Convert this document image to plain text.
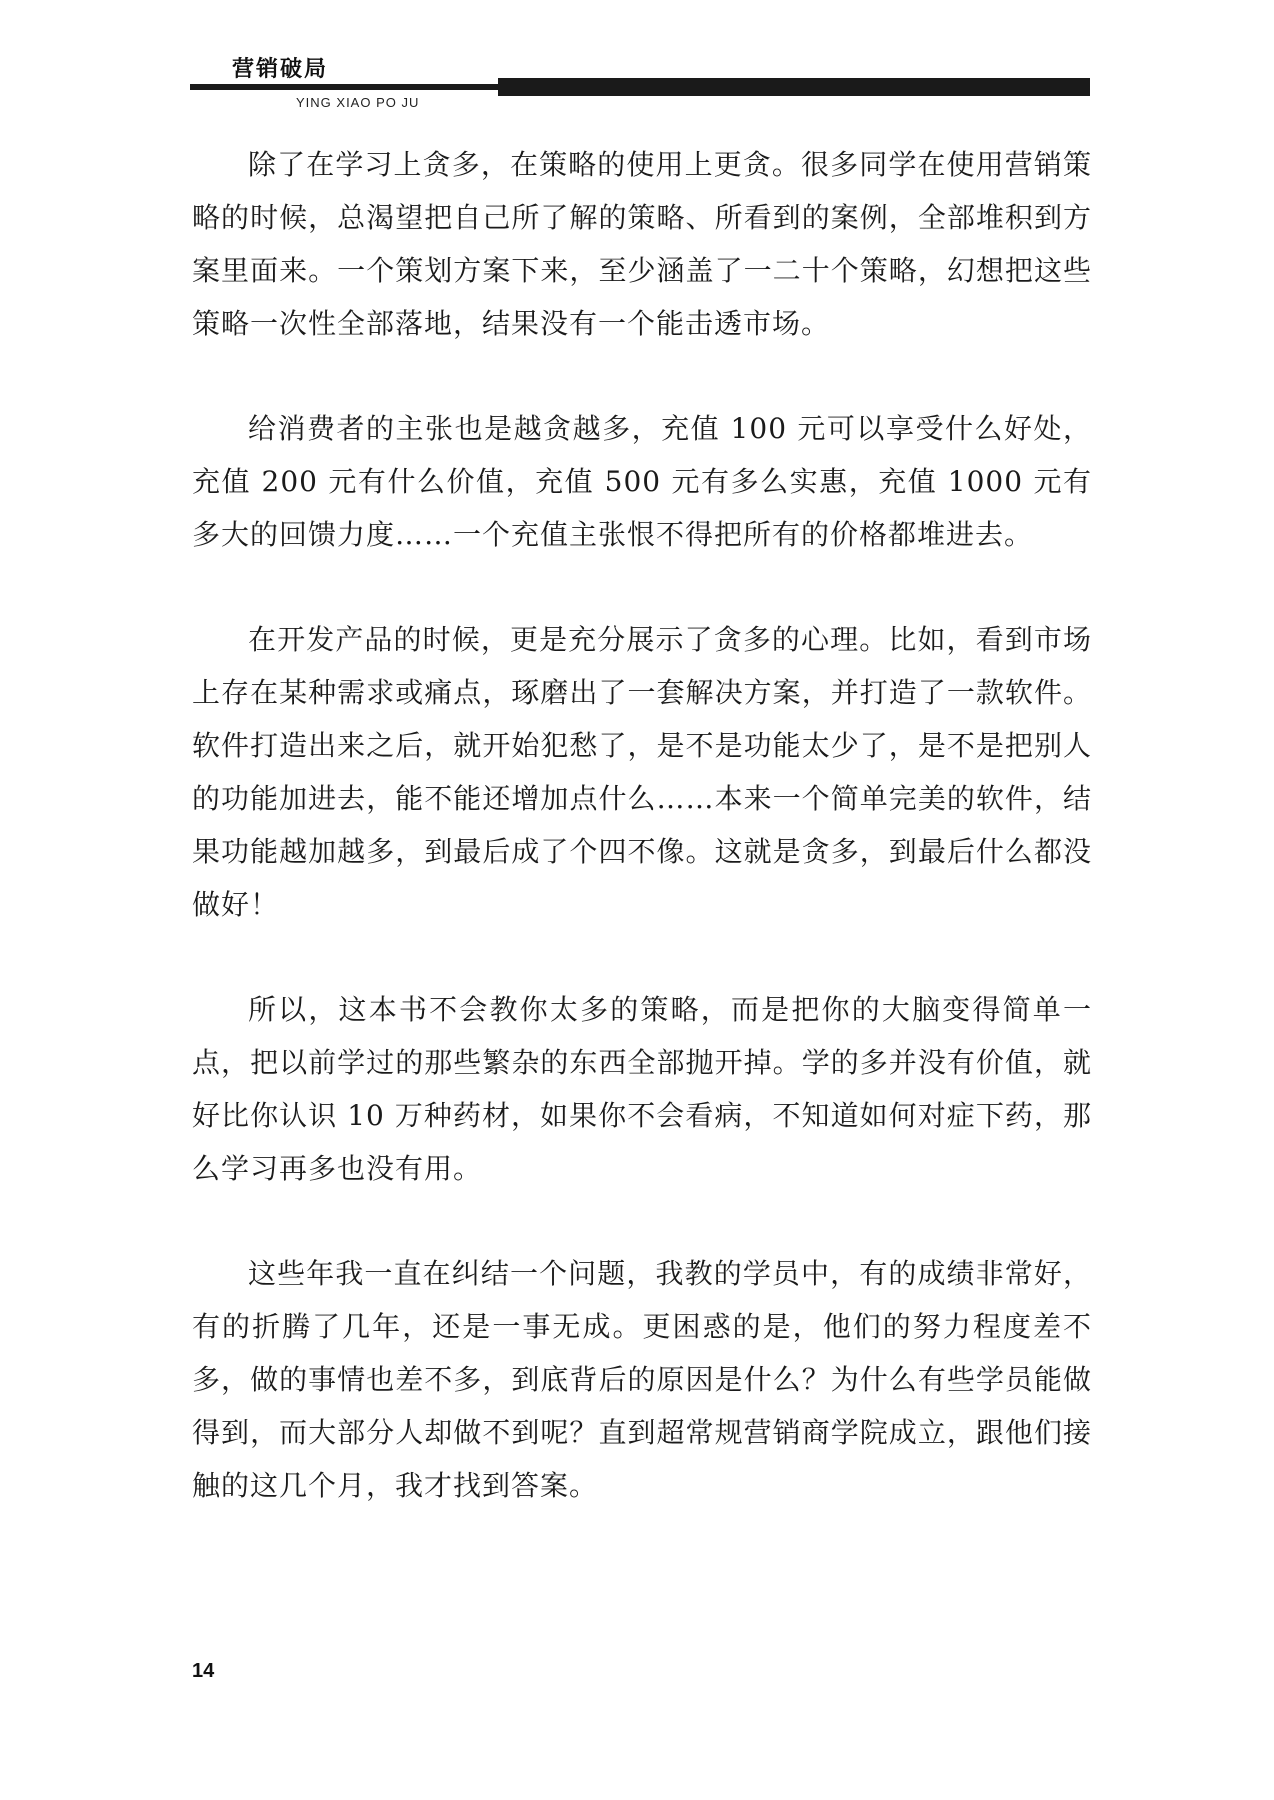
营销破局
YING XIAO PO JU

除了在学习上贪多，在策略的使用上更贪。很多同学在使用营销策略的时候，总渴望把自己所了解的策略、所看到的案例，全部堆积到方案里面来。一个策划方案下来，至少涵盖了一二十个策略，幻想把这些策略一次性全部落地，结果没有一个能击透市场。

给消费者的主张也是越贪越多，充值 100 元可以享受什么好处，充值 200 元有什么价值，充值 500 元有多么实惠，充值 1000 元有多大的回馈力度……一个充值主张恨不得把所有的价格都堆进去。

在开发产品的时候，更是充分展示了贪多的心理。比如，看到市场上存在某种需求或痛点，琢磨出了一套解决方案，并打造了一款软件。软件打造出来之后，就开始犯愁了，是不是功能太少了，是不是把别人的功能加进去，能不能还增加点什么……本来一个简单完美的软件，结果功能越加越多，到最后成了个四不像。这就是贪多，到最后什么都没做好！

所以，这本书不会教你太多的策略，而是把你的大脑变得简单一点，把以前学过的那些繁杂的东西全部抛开掉。学的多并没有价值，就好比你认识 10 万种药材，如果你不会看病，不知道如何对症下药，那么学习再多也没有用。

这些年我一直在纠结一个问题，我教的学员中，有的成绩非常好，有的折腾了几年，还是一事无成。更困惑的是，他们的努力程度差不多，做的事情也差不多，到底背后的原因是什么？为什么有些学员能做得到，而大部分人却做不到呢？直到超常规营销商学院成立，跟他们接触的这几个月，我才找到答案。

14
